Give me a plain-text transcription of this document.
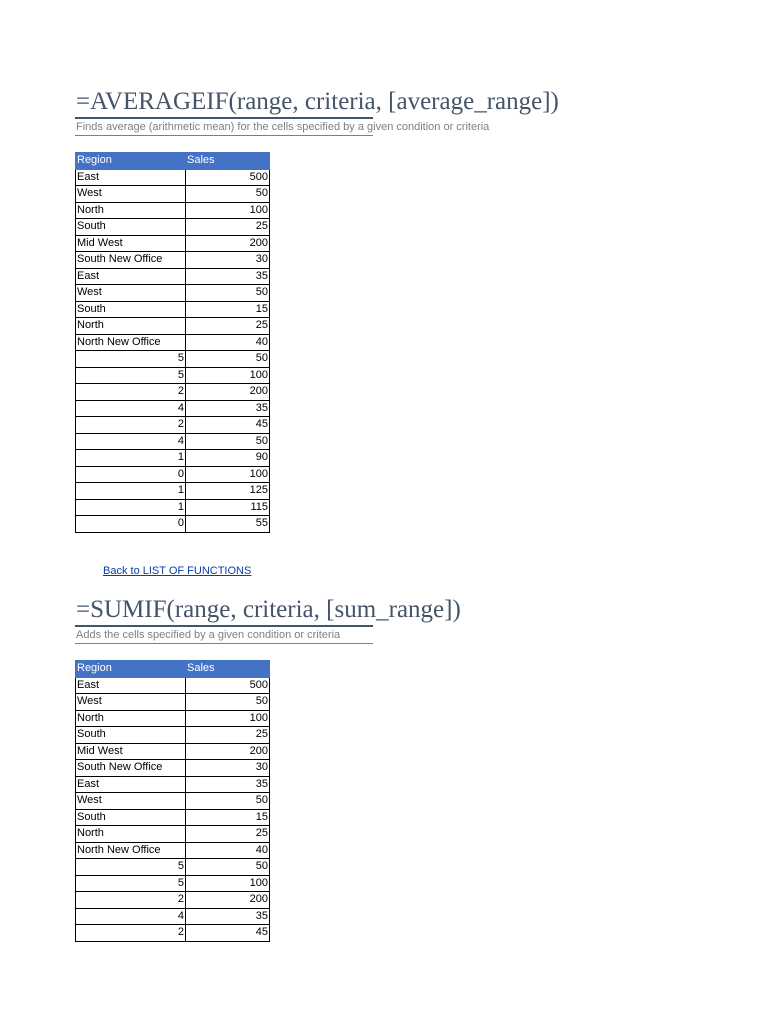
=AVERAGEIF(range, criteria, [average_range])
Finds average (arithmetic mean) for the cells specified by a given condition or criteria
Region	Sales
East	500
West	50
North	100
South	25
Mid West	200
South New Office	30
East	35
West	50
South	15
North	25
North New Office	40
5	50
5	100
2	200
4	35
2	45
4	50
1	90
0	100
1	125
1	115
0	55
Back to LIST OF FUNCTIONS
=SUMIF(range, criteria, [sum_range])
Adds the cells specified by a given condition or criteria
Region	Sales
East	500
West	50
North	100
South	25
Mid West	200
South New Office	30
East	35
West	50
South	15
North	25
North New Office	40
5	50
5	100
2	200
4	35
2	45
